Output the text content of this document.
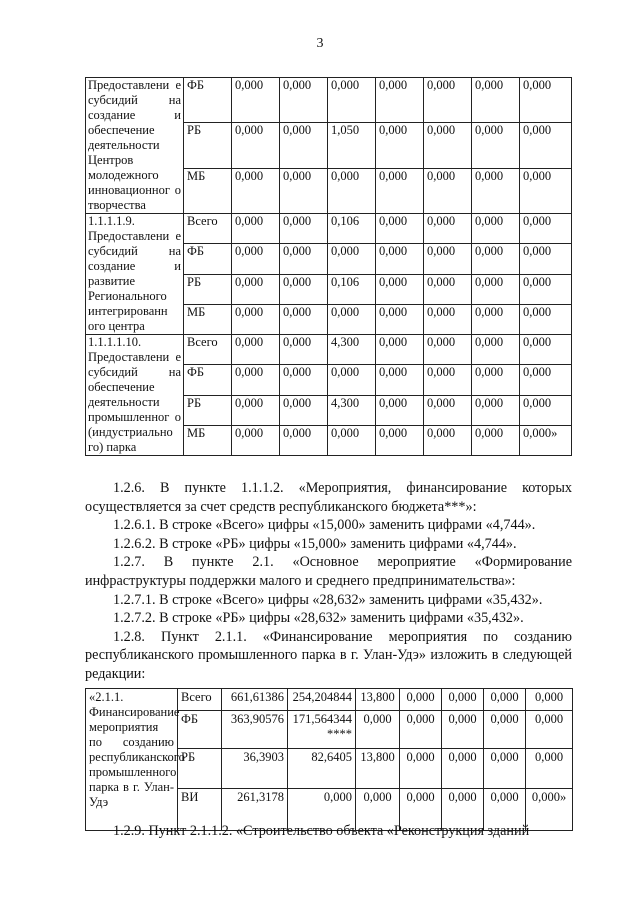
3
Предоставлени е субсидий на создание и обеспечение деятельности Центров молодежного инновационног о творчества	ФБ	0,000	0,000	0,000	0,000	0,000	0,000	0,000
	РБ	0,000	0,000	1,050	0,000	0,000	0,000	0,000
	МБ	0,000	0,000	0,000	0,000	0,000	0,000	0,000
1.1.1.1.9. Предоставлени е субсидий на создание и развитие Регионального интегрированн ого центра	Всего	0,000	0,000	0,106	0,000	0,000	0,000	0,000
	ФБ	0,000	0,000	0,000	0,000	0,000	0,000	0,000
	РБ	0,000	0,000	0,106	0,000	0,000	0,000	0,000
	МБ	0,000	0,000	0,000	0,000	0,000	0,000	0,000
1.1.1.1.10. Предоставлени е субсидий на обеспечение деятельности промышленног о (индустриально го) парка	Всего	0,000	0,000	4,300	0,000	0,000	0,000	0,000
	ФБ	0,000	0,000	0,000	0,000	0,000	0,000	0,000
	РБ	0,000	0,000	4,300	0,000	0,000	0,000	0,000
	МБ	0,000	0,000	0,000	0,000	0,000	0,000	0,000»

1.2.6. В пункте 1.1.1.2. «Мероприятия, финансирование которых осуществляется за счет средств республиканского бюджета***»:

1.2.6.1. В строке «Всего» цифры «15,000» заменить цифрами «4,744».

1.2.6.2. В строке «РБ» цифры «15,000» заменить цифрами «4,744».

1.2.7. В пункте 2.1. «Основное мероприятие «Формирование инфраструктуры поддержки малого и среднего предпринимательства»:

1.2.7.1. В строке «Всего» цифры «28,632» заменить цифрами «35,432».

1.2.7.2. В строке «РБ» цифры «28,632» заменить цифрами «35,432».

1.2.8. Пункт 2.1.1. «Финансирование мероприятия по созданию республиканского промышленного парка в г. Улан-Удэ» изложить в следующей редакции:

«2.1.1. Финансирование мероприятия по созданию республиканского промышленного парка в г. Улан-Удэ	Всего	661,61386	254,204844	13,800	0,000	0,000	0,000	0,000
	ФБ	363,90576	171,564344 ****	0,000	0,000	0,000	0,000	0,000
	РБ	36,3903	82,6405	13,800	0,000	0,000	0,000	0,000
	ВИ	261,3178	0,000	0,000	0,000	0,000	0,000	0,000»
1.2.9. Пункт 2.1.1.2. «Строительство объекта «Реконструкция зданий
